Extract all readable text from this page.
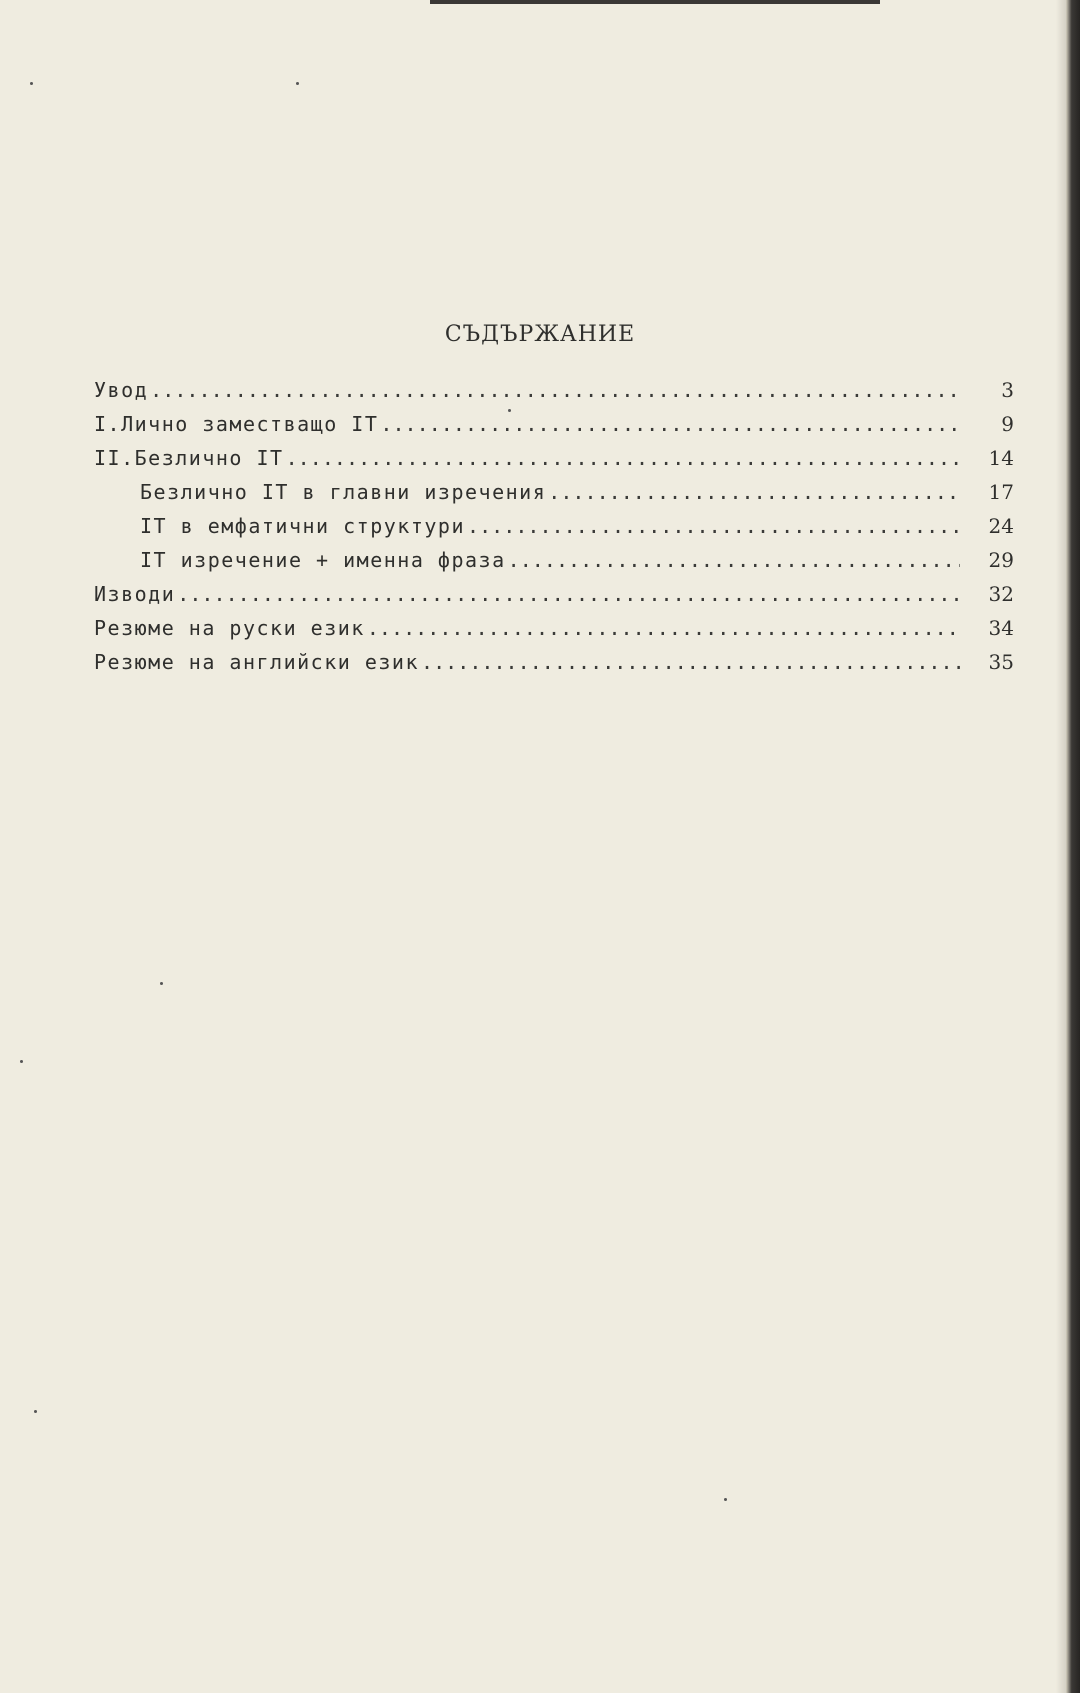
СЪДЪРЖАНИЕ
Увод . . .	3
I.Лично заместващо IT . . .	9
II.Безлично IT . . .	14
Безлично IT в главни изречения . . .	17
IT в емфатични структури . . .	24
IT изречение + именна фраза . . .	29
Изводи . . .	32
Резюме на руски език . . .	34
Резюме на английски език . . .	35
